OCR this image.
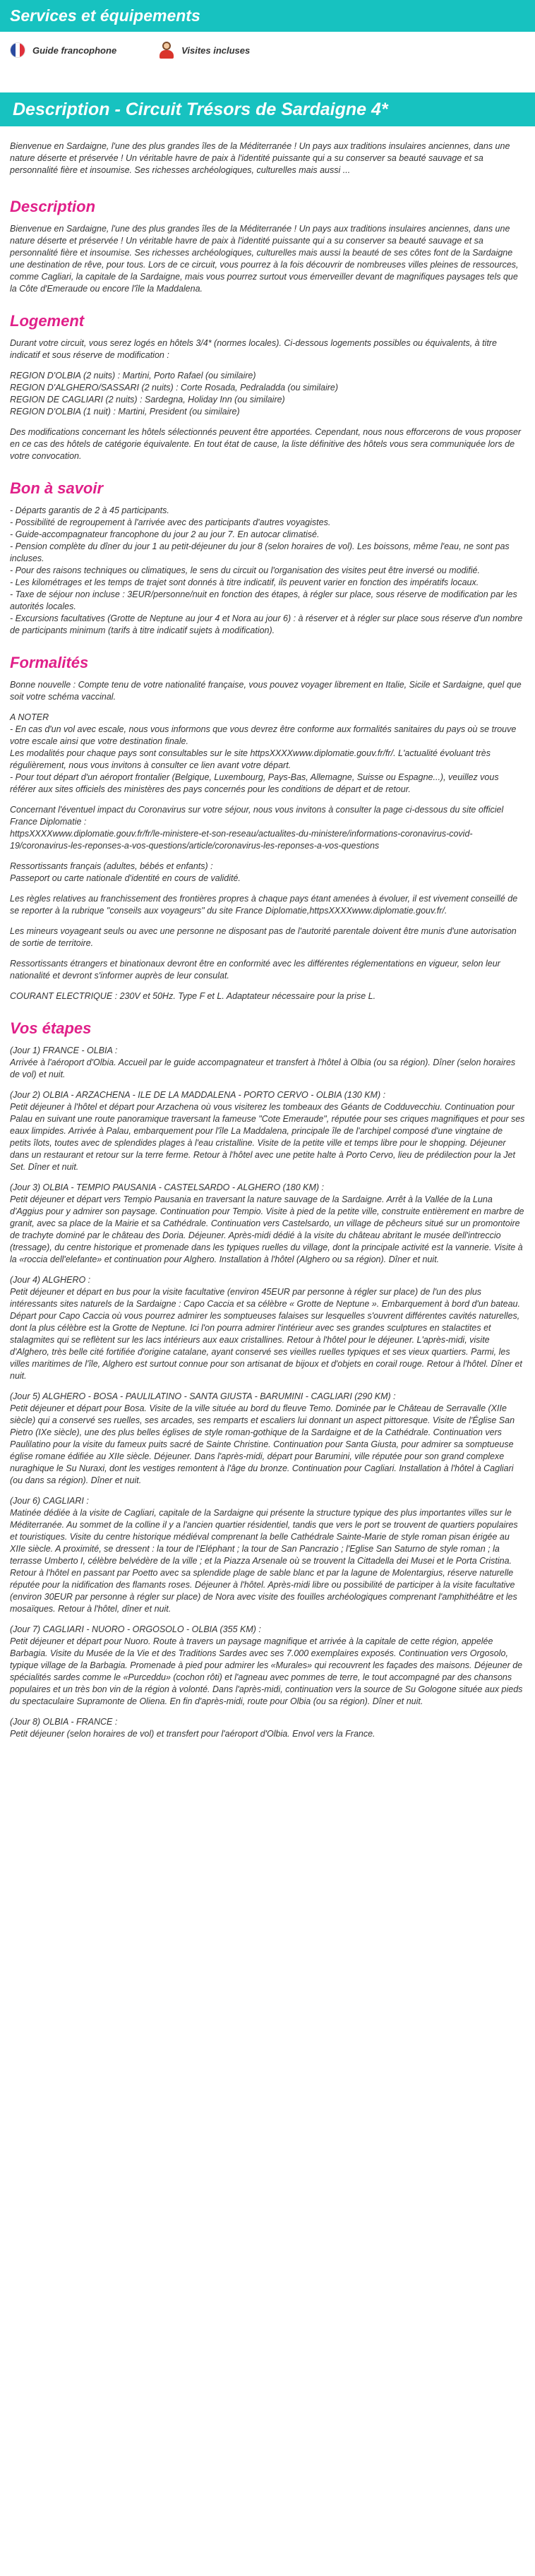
Services et équipements
Guide francophone	Visites incluses
Description - Circuit Trésors de Sardaigne 4*

Bienvenue en Sardaigne, l'une des plus grandes îles de la Méditerranée ! Un pays aux traditions insulaires anciennes, dans une nature déserte et préservée ! Un véritable havre de paix à l'identité puissante qui a su conserver sa beauté sauvage et sa personnalité fière et insoumise. Ses richesses archéologiques, culturelles mais aussi ...

Description

Bienvenue en Sardaigne, l'une des plus grandes îles de la Méditerranée ! Un pays aux traditions insulaires anciennes, dans une nature déserte et préservée ! Un véritable havre de paix à l'identité puissante qui a su conserver sa beauté sauvage et sa personnalité fière et insoumise. Ses richesses archéologiques, culturelles mais aussi la beauté de ses côtes font de la Sardaigne une destination de rêve, pour tous. Lors de ce circuit, vous pourrez à la fois découvrir de nombreuses villes pleines de ressources, comme Cagliari, la capitale de la Sardaigne, mais vous pourrez surtout vous émerveiller devant de magnifiques paysages tels que la Côte d'Emeraude ou encore l'île la Maddalena.

Logement

Durant votre circuit, vous serez logés en hôtels 3/4* (normes locales). Ci-dessous logements possibles ou équivalents, à titre indicatif et sous réserve de modification :

REGION D'OLBIA (2 nuits) : Martini, Porto Rafael (ou similaire)
REGION D'ALGHERO/SASSARI (2 nuits) : Corte Rosada, Pedraladda (ou similaire)
REGION DE CAGLIARI (2 nuits) : Sardegna, Holiday Inn (ou similaire)
REGION D'OLBIA (1 nuit) : Martini, President (ou similaire)

Des modifications concernant les hôtels sélectionnés peuvent être apportées. Cependant, nous nous efforcerons de vous proposer en ce cas des hôtels de catégorie équivalente. En tout état de cause, la liste définitive des hôtels vous sera communiquée lors de votre convocation.

Bon à savoir

- Départs garantis de 2 à 45 participants.
- Possibilité de regroupement à l'arrivée avec des participants d'autres voyagistes.
- Guide-accompagnateur francophone du jour 2 au jour 7. En autocar climatisé.
- Pension complète du dîner du jour 1 au petit-déjeuner du jour 8 (selon horaires de vol). Les boissons, même l'eau, ne sont pas incluses.
- Pour des raisons techniques ou climatiques, le sens du circuit ou l'organisation des visites peut être inversé ou modifié.
- Les kilométrages et les temps de trajet sont donnés à titre indicatif, ils peuvent varier en fonction des impératifs locaux.
- Taxe de séjour non incluse : 3EUR/personne/nuit en fonction des étapes, à régler sur place, sous réserve de modification par les autorités locales.
- Excursions facultatives (Grotte de Neptune au jour 4 et Nora au jour 6) : à réserver et à régler sur place sous réserve d'un nombre de participants minimum (tarifs à titre indicatif sujets à modification).

Formalités

Bonne nouvelle : Compte tenu de votre nationalité française, vous pouvez voyager librement en Italie, Sicile et Sardaigne, quel que soit votre schéma vaccinal.

A NOTER
- En cas d'un vol avec escale, nous vous informons que vous devrez être conforme aux formalités sanitaires du pays où se trouve votre escale ainsi que votre destination finale.
Les modalités pour chaque pays sont consultables sur le site httpsXXXXwww.diplomatie.gouv.fr/fr/. L'actualité évoluant très régulièrement, nous vous invitons à consulter ce lien avant votre départ.
- Pour tout départ d'un aéroport frontalier (Belgique, Luxembourg, Pays-Bas, Allemagne, Suisse ou Espagne...), veuillez vous référer aux sites officiels des ministères des pays concernés pour les conditions de départ et de retour.

Concernant l'éventuel impact du Coronavirus sur votre séjour, nous vous invitons à consulter la page ci-dessous du site officiel France Diplomatie :
httpsXXXXwww.diplomatie.gouv.fr/fr/le-ministere-et-son-reseau/actualites-du-ministere/informations-coronavirus-covid-19/coronavirus-les-reponses-a-vos-questions/article/coronavirus-les-reponses-a-vos-questions

Ressortissants français (adultes, bébés et enfants) :
Passeport ou carte nationale d'identité en cours de validité.

Les règles relatives au franchissement des frontières propres à chaque pays étant amenées à évoluer, il est vivement conseillé de se reporter à la rubrique "conseils aux voyageurs" du site France Diplomatie,httpsXXXXwww.diplomatie.gouv.fr/.

Les mineurs voyageant seuls ou avec une personne ne disposant pas de l'autorité parentale doivent être munis d'une autorisation de sortie de territoire.

Ressortissants étrangers et binationaux devront être en conformité avec les différentes réglementations en vigueur, selon leur nationalité et devront s'informer auprès de leur consulat.

COURANT ELECTRIQUE : 230V et 50Hz. Type F et L. Adaptateur nécessaire pour la prise L.

Vos étapes

(Jour 1) FRANCE - OLBIA :
Arrivée à l'aéroport d'Olbia. Accueil par le guide accompagnateur et transfert à l'hôtel à Olbia (ou sa région). Dîner (selon horaires de vol) et nuit.

(Jour 2) OLBIA - ARZACHENA - ILE DE LA MADDALENA - PORTO CERVO - OLBIA (130 KM) :
Petit déjeuner à l'hôtel et départ pour Arzachena où vous visiterez les tombeaux des Géants de Codduvecchiu. Continuation pour Palau en suivant une route panoramique traversant la fameuse "Cote Emeraude", réputée pour ses criques magnifiques et pour ses eaux limpides. Arrivée à Palau, embarquement pour l'île La Maddalena, principale île de l'archipel composé d'une vingtaine de petits îlots, toutes avec de splendides plages à l'eau cristalline. Visite de la petite ville et temps libre pour le shopping. Déjeuner dans un restaurant et retour sur la terre ferme. Retour à l'hôtel avec une petite halte à Porto Cervo, lieu de prédilection pour la Jet Set. Dîner et nuit.

(Jour 3) OLBIA - TEMPIO PAUSANIA - CASTELSARDO - ALGHERO (180 KM) :
Petit déjeuner et départ vers Tempio Pausania en traversant la nature sauvage de la Sardaigne. Arrêt à la Vallée de la Luna d'Aggius pour y admirer son paysage. Continuation pour Tempio. Visite à pied de la petite ville, construite entièrement en marbre de granit, avec sa place de la Mairie et sa Cathédrale. Continuation vers Castelsardo, un village de pêcheurs situé sur un promontoire de trachyte dominé par le château des Doria. Déjeuner. Après-midi dédié à la visite du château abritant le musée dell'intreccio (tressage), du centre historique et promenade dans les typiques ruelles du village, dont la principale activité est la vannerie. Visite à la «roccia dell'elefante» et continuation pour Alghero. Installation à l'hôtel (Alghero ou sa région). Dîner et nuit.

(Jour 4) ALGHERO :
Petit déjeuner et départ en bus pour la visite facultative (environ 45EUR par personne à régler sur place) de l'un des plus intéressants sites naturels de la Sardaigne : Capo Caccia et sa célèbre « Grotte de Neptune ». Embarquement à bord d'un bateau. Départ pour Capo Caccia où vous pourrez admirer les somptueuses falaises sur lesquelles s'ouvrent différentes cavités naturelles, dont la plus célèbre est la Grotte de Neptune. Ici l'on pourra admirer l'intérieur avec ses grandes sculptures en stalactites et stalagmites qui se reflètent sur les lacs intérieurs aux eaux cristallines. Retour à l'hôtel pour le déjeuner. L'après-midi, visite d'Alghero, très belle cité fortifiée d'origine catalane, ayant conservé ses vieilles ruelles typiques et ses vieux quartiers. Parmi, les villes maritimes de l'île, Alghero est surtout connue pour son artisanat de bijoux et d'objets en corail rouge. Retour à l'hôtel. Dîner et nuit.

(Jour 5) ALGHERO - BOSA - PAULILATINO - SANTA GIUSTA - BARUMINI - CAGLIARI (290 KM) :
Petit déjeuner et départ pour Bosa. Visite de la ville située au bord du fleuve Temo. Dominée par le Château de Serravalle (XIIe siècle) qui a conservé ses ruelles, ses arcades, ses remparts et escaliers lui donnant un aspect pittoresque. Visite de l'Église San Pietro (IXe siècle), une des plus belles églises de style roman-gothique de la Sardaigne et de la Cathédrale. Continuation vers Paulilatino pour la visite du fameux puits sacré de Sainte Christine. Continuation pour Santa Giusta, pour admirer sa somptueuse église romane édifiée au XIIe siècle. Déjeuner. Dans l'après-midi, départ pour Barumini, ville réputée pour son grand complexe nuraghique le Su Nuraxi, dont les vestiges remontent à l'âge du bronze. Continuation pour Cagliari. Installation à l'hôtel à Cagliari (ou dans sa région). Dîner et nuit.

(Jour 6) CAGLIARI :
Matinée dédiée à la visite de Cagliari, capitale de la Sardaigne qui présente la structure typique des plus importantes villes sur le Méditerranée. Au sommet de la colline il y a l'ancien quartier résidentiel, tandis que vers le port se trouvent de quartiers populaires et touristiques. Visite du centre historique médiéval comprenant la belle Cathédrale Sainte-Marie de style roman pisan érigée au XIIe siècle. A proximité, se dressent : la tour de l'Eléphant ; la tour de San Pancrazio ; l'Eglise San Saturno de style roman ; la terrasse Umberto I, célèbre belvédère de la ville ; et la Piazza Arsenale où se trouvent la Cittadella dei Musei et le Porta Cristina. Retour à l'hôtel en passant par Poetto avec sa splendide plage de sable blanc et par la lagune de Molentargius, réserve naturelle réputée pour la nidification des flamants roses. Déjeuner à l'hôtel. Après-midi libre ou possibilité de participer à la visite facultative (environ 30EUR par personne à régler sur place) de Nora avec visite des fouilles archéologiques comprenant l'amphithéâtre et les mosaïques. Retour à l'hôtel, dîner et nuit.

(Jour 7) CAGLIARI - NUORO - ORGOSOLO - OLBIA (355 KM) :
Petit déjeuner et départ pour Nuoro. Route à travers un paysage magnifique et arrivée à la capitale de cette région, appelée Barbagia. Visite du Musée de la Vie et des Traditions Sardes avec ses 7.000 exemplaires exposés. Continuation vers Orgosolo, typique village de la Barbagia. Promenade à pied pour admirer les «Murales» qui recouvrent les façades des maisons. Déjeuner de spécialités sardes comme le «Purceddu» (cochon rôti) et l'agneau avec pommes de terre, le tout accompagné par des chansons populaires et un très bon vin de la région à volonté. Dans l'après-midi, continuation vers la source de Su Gologone située aux pieds du spectaculaire Supramonte de Oliena. En fin d'après-midi, route pour Olbia (ou sa région). Dîner et nuit.

(Jour 8) OLBIA - FRANCE :
Petit déjeuner (selon horaires de vol) et transfert pour l'aéroport d'Olbia. Envol vers la France.
